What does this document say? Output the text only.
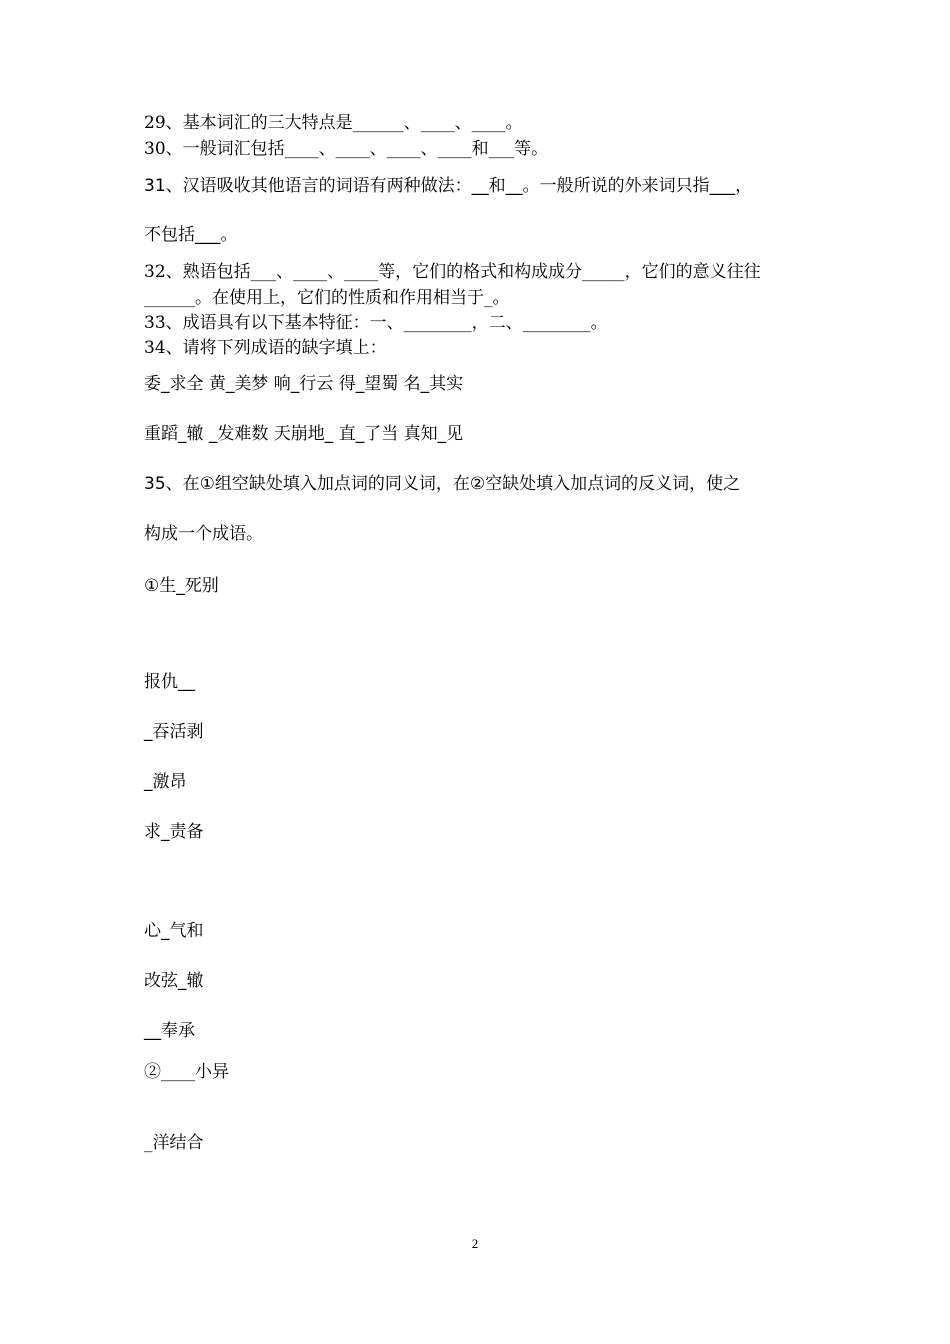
29、基本词汇的三大特点是______、____、____。
30、一般词汇包括____、____、____、____和___等。
31、汉语吸收其他语言的词语有两种做法：__和__。一般所说的外来词只指___，
不包括___。
32、熟语包括___、____、____等，它们的格式和构成成分_____，它们的意义往往
______。在使用上，它们的性质和作用相当于_。
33、成语具有以下基本特征：一、________，二、________。
34、请将下列成语的缺字填上：
委_求全 黄_美梦 响_行云 得_望蜀 名_其实
重蹈_辙 _发难数 天崩地_ 直_了当 真知_见
35、在①组空缺处填入加点词的同义词，在②空缺处填入加点词的反义词，使之
构成一个成语。
①生_死别
报仇__
_吞活剥
_激昂
求_责备
心_气和
改弦_辙
__奉承
②____小异
_洋结合
2
